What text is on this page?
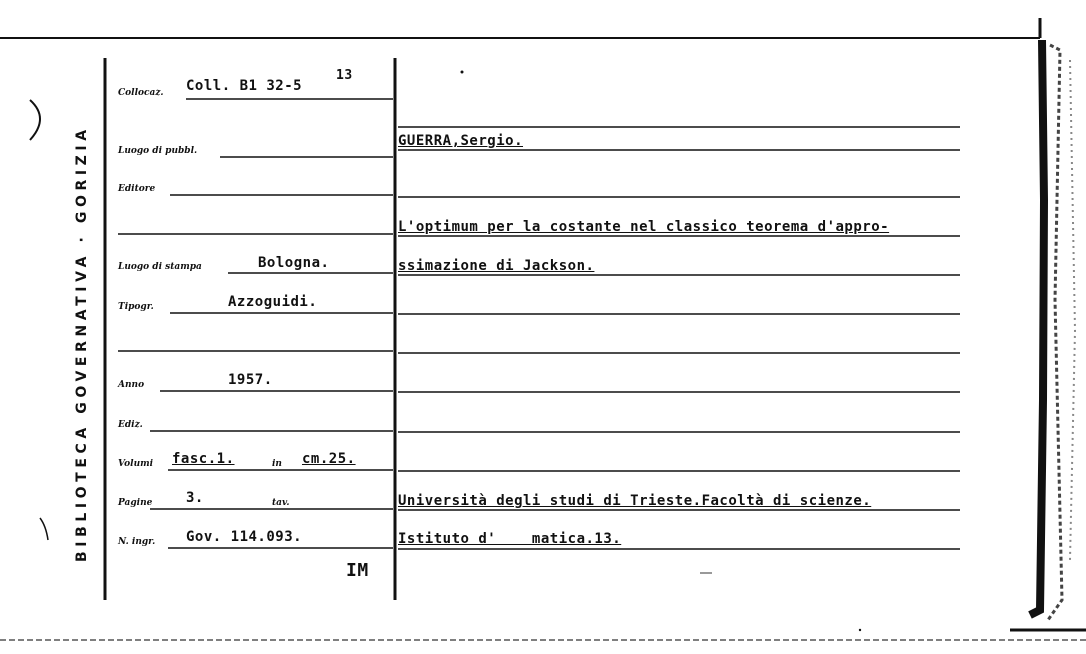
BIBLIOTECA GOVERNATIVA · GORIZIA
Collocaz. Coll. B1 32-5
13
Luogo di pubbl.
Editore
Luogo di stampa	Bologna.
Tipogr.	Azzoguidi.
Anno	1957.
Ediz.
Volumi fasc.1.	in cm.25.
Pagine 3.	tav.
N. ingr. Gov. 114.093.
IM
GUERRA,Sergio.
L'optimum per la costante nel classico teorema d'appro-
ssimazione di Jackson.
Università degli studi di Trieste.Facoltà di scienze.
Istituto d'    matica.13.
